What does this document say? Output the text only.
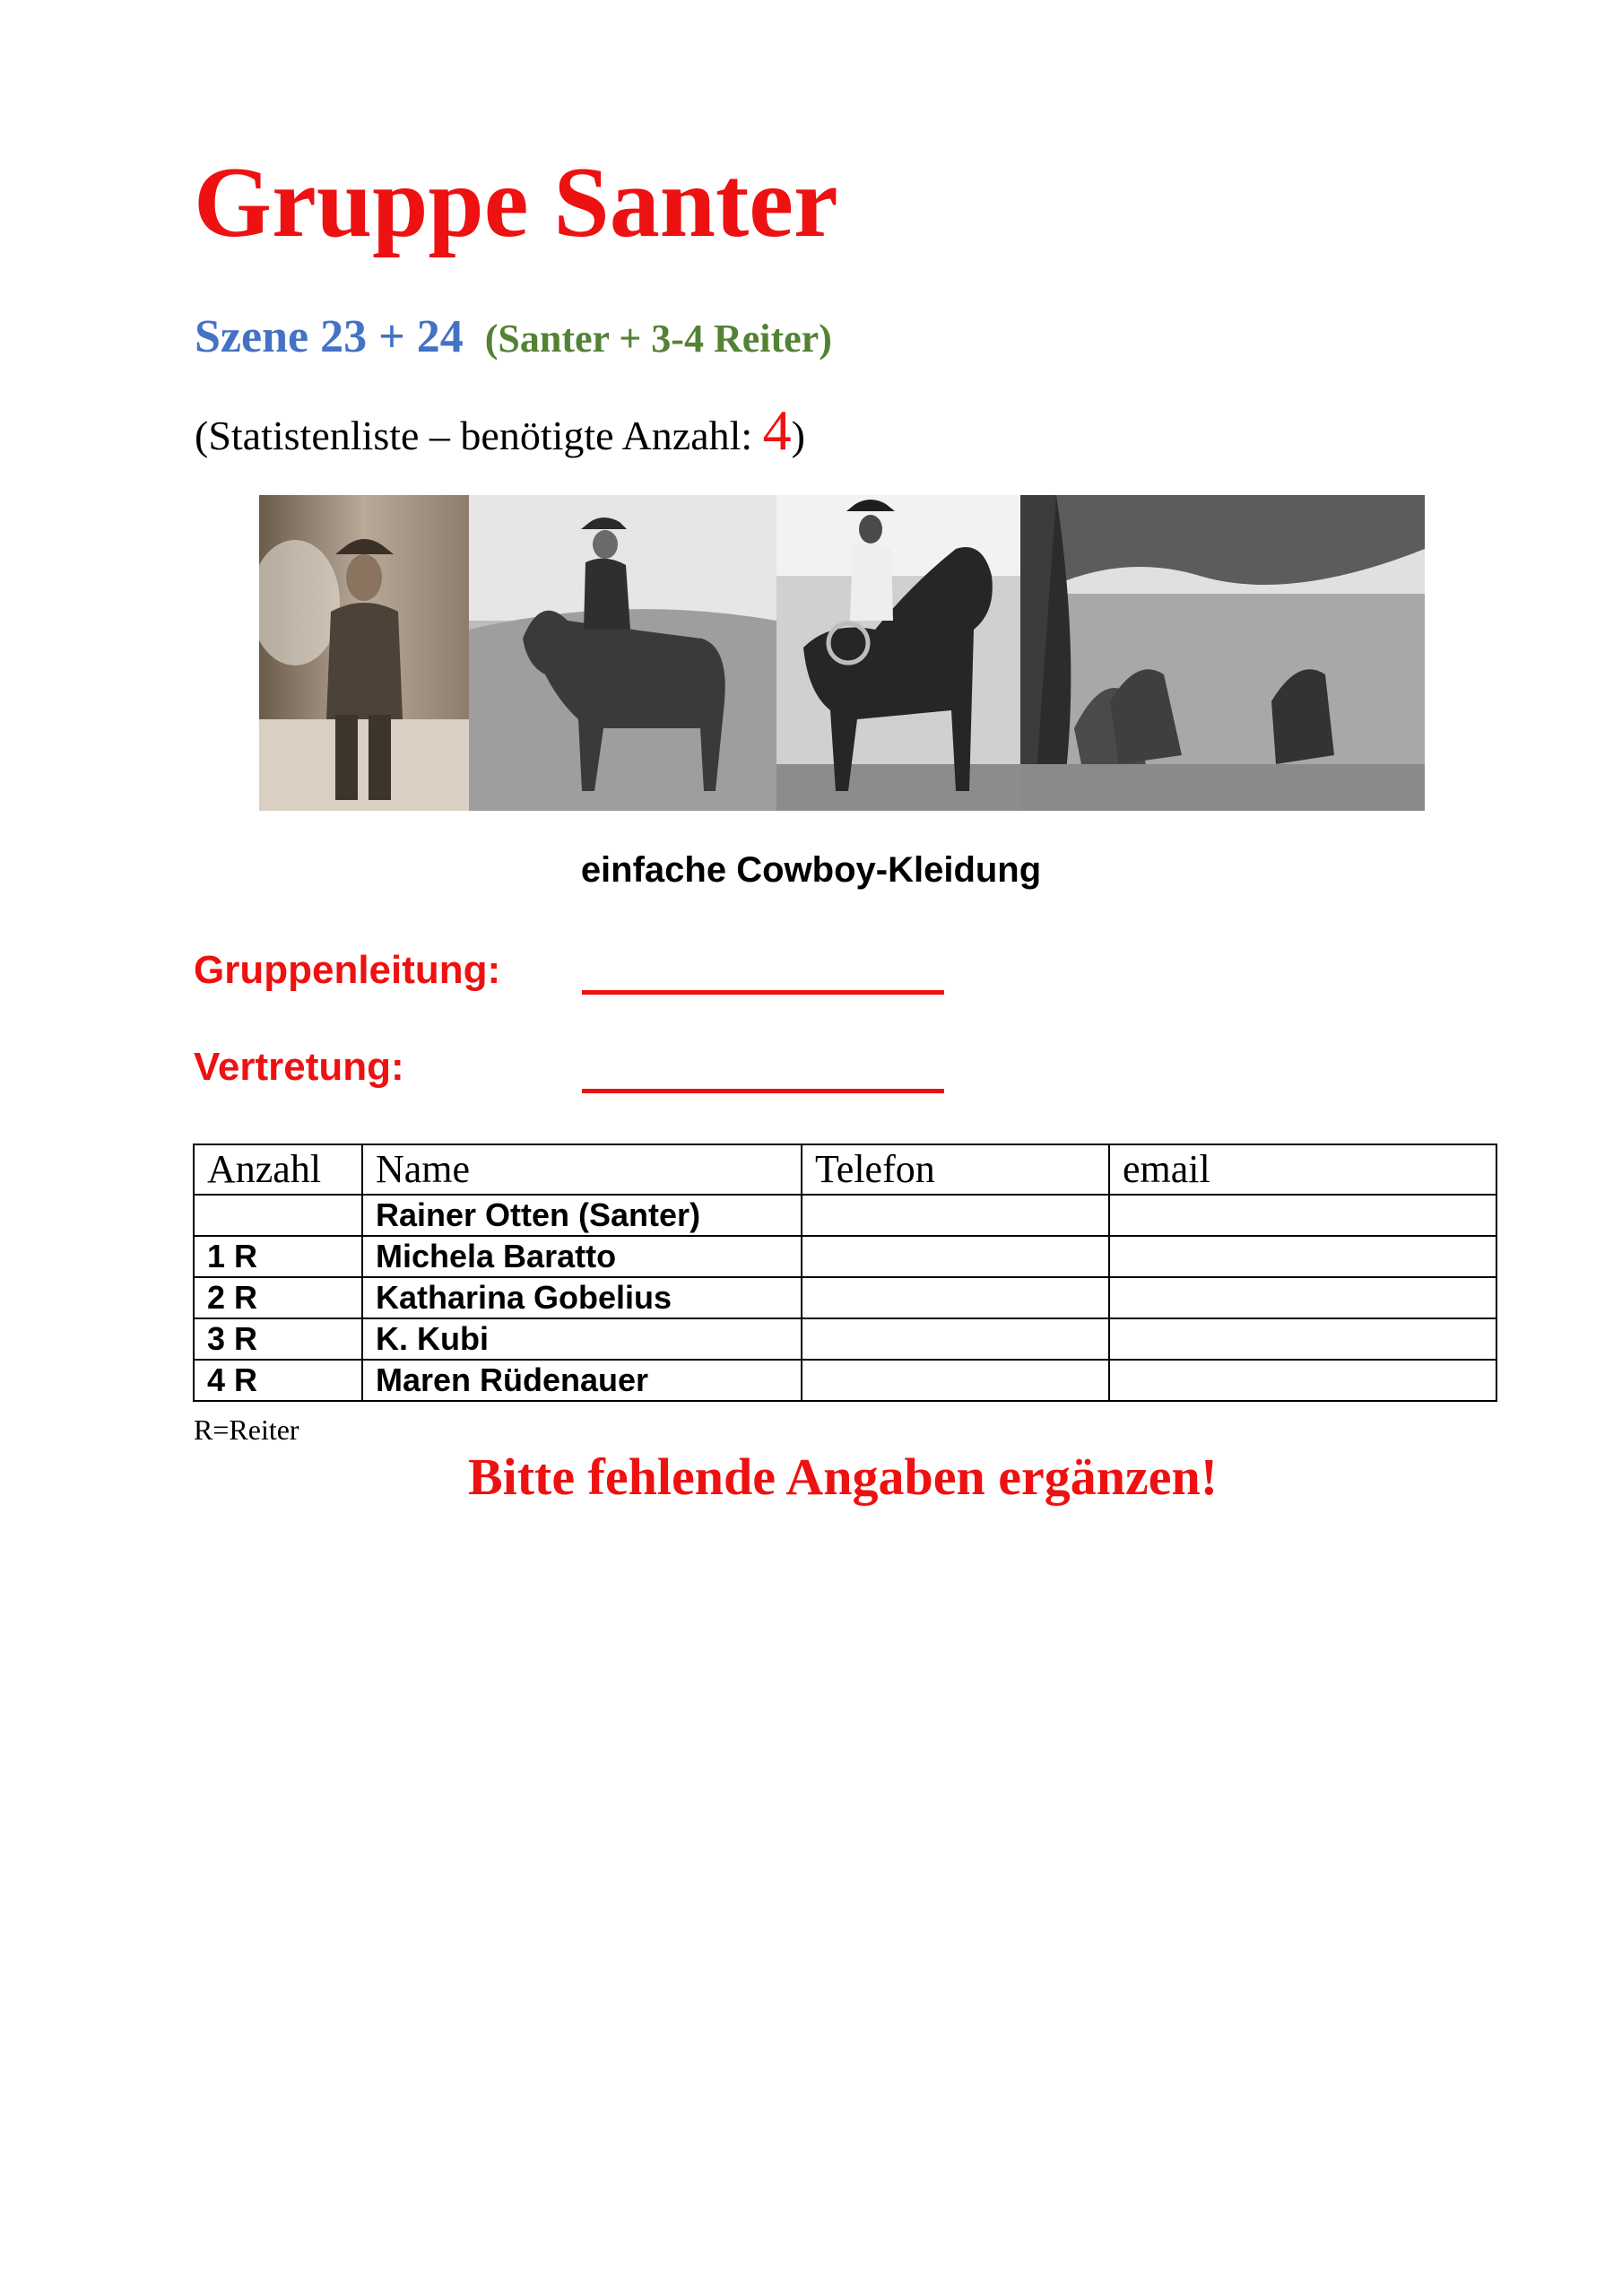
Gruppe Santer
Szene 23 + 24 (Santer + 3-4 Reiter)
(Statistenliste – benötigte Anzahl: 4)
einfache Cowboy-Kleidung
Gruppenleitung:
Vertretung:
Anzahl	Name	Telefon	email
	Rainer Otten (Santer)		
1 R	Michela Baratto		
2 R	Katharina Gobelius		
3 R	K. Kubi		
4 R	Maren Rüdenauer		
R=Reiter
Bitte fehlende Angaben ergänzen!
